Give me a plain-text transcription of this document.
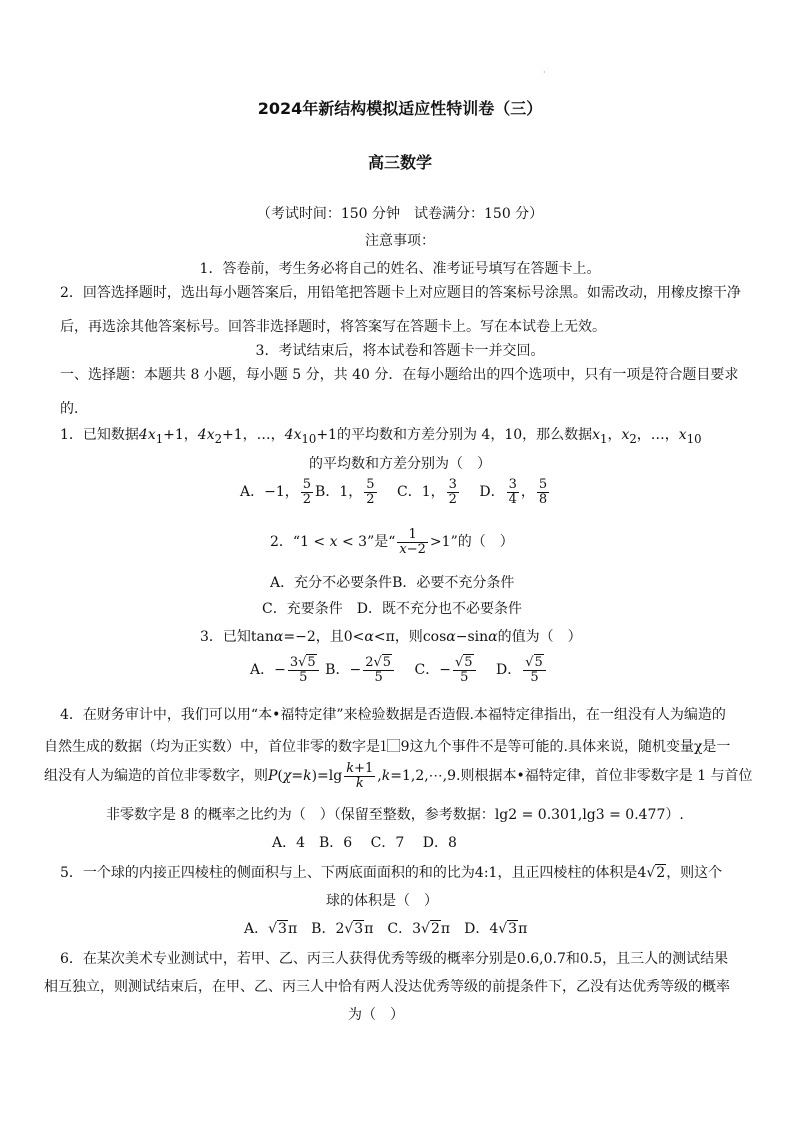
·
2024年新结构模拟适应性特训卷（三）
高三数学
（考试时间：150 分钟　试卷满分：150 分）
注意事项：
1．答卷前，考生务必将自己的姓名、准考证号填写在答题卡上。
2．回答选择题时，选出每小题答案后，用铅笔把答题卡上对应题目的答案标号涂黑。如需改动，用橡皮擦干净后，再选涂其他答案标号。回答非选择题时，将答案写在答题卡上。写在本试卷上无效。
3．考试结束后，将本试卷和答题卡一并交回。
一、选择题：本题共 8 小题，每小题 5 分，共 40 分．在每小题给出的四个选项中，只有一项是符合题目要求的．
1．已知数据$4x_1+1$，$4x_2+1$，…，$4x_{10}+1$的平均数和方差分别为 4，10，那么数据$x_1$，$x_2$，…，$x_{10}$
的平均数和方差分别为（　）
A．−1， $\frac{5}{2}$ B．1， $\frac{5}{2}$
　 C．1， $\frac{3}{2}$
　 D． $\frac{3}{4}$ ， $\frac{5}{8}$
2．“1 < x < 3”是“ $\frac{1}{x-2} >1$”的（　）
A．充分不必要条件B．必要不充分条件
C．充要条件　 D．既不充分也不必要条件
3．已知tanα=−2，且0<α<π，则cosα−sinα的值为（　）
A．− $\frac{3√5}{5}$ B．− $\frac{2√5}{5}$
　 C．− $\frac{√5}{5}$
　 D． $\frac{√5}{5}$
4．在财务审计中，我们可以用“本•福特定律”来检验数据是否造假.本福特定律指出，在一组没有人为编造的
自然生成的数据（均为正实数）中，首位非零的数字是1⃞9这九个事件不是等可能的.具体来说，随机变量χ是一
组没有人为编造的首位非零数字，则$P(\chi=k)=\lg \frac{k+1}{k}$ ,k=1,2,⋯,9.则根据本•福特定律，首位非零数字是 1 与首位
非零数字是 8 的概率之比约为（　）（保留至整数，参考数据：lg2 = 0.301,lg3 = 0.477）.
A．4　B．6　 C．7　 D．8
5．一个球的内接正四棱柱的侧面积与上、下两底面面积的和的比为4:1，且正四棱柱的体积是4√2，则这个
球的体积是（　）
A．√3π　B．2√3π　C．3√2π　D．4√3π
6．在某次美术专业测试中，若甲、乙、丙三人获得优秀等级的概率分别是0.6,0.7和0.5，且三人的测试结果
相互独立，则测试结束后，在甲、乙、丙三人中恰有两人没达优秀等级的前提条件下，乙没有达优秀等级的概率
为（　）
